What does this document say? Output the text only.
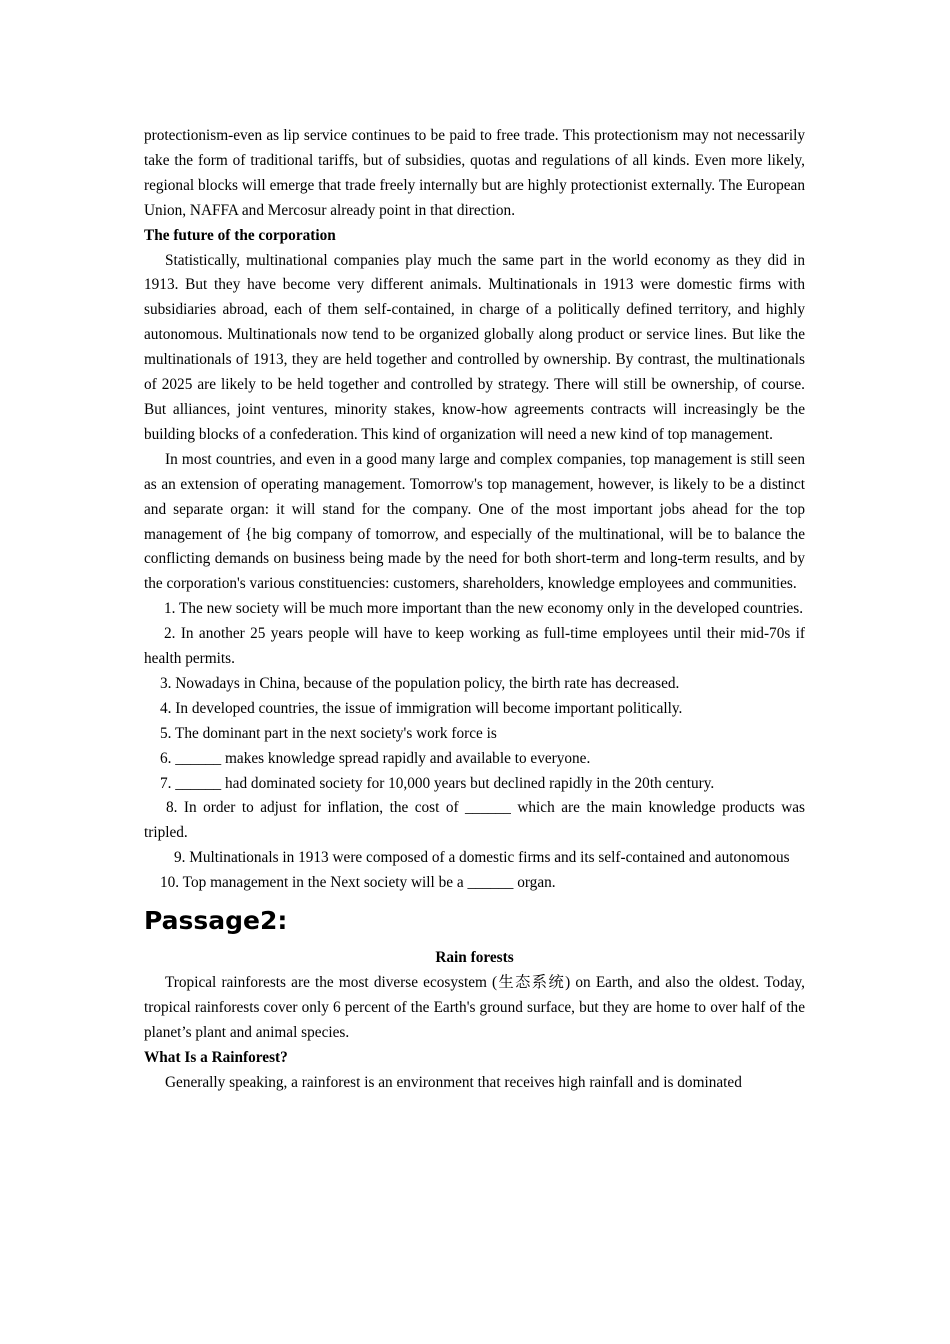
protectionism-even as lip service continues to be paid to free trade. This protectionism may not necessarily take the form of traditional tariffs, but of subsidies, quotas and regulations of all kinds. Even more likely, regional blocks will emerge that trade freely internally but are highly protectionist externally. The European Union, NAFFA and Mercosur already point in that direction.

The future of the corporation

Statistically, multinational companies play much the same part in the world economy as they did in 1913. But they have become very different animals. Multinationals in 1913 were domestic firms with subsidiaries abroad, each of them self-contained, in charge of a politically defined territory, and highly autonomous. Multinationals now tend to be organized globally along product or service lines. But like the multinationals of 1913, they are held together and controlled by ownership. By contrast, the multinationals of 2025 are likely to be held together and controlled by strategy. There will still be ownership, of course. But alliances, joint ventures, minority stakes, know-how agreements contracts will increasingly be the building blocks of a confederation. This kind of organization will need a new kind of top management.

In most countries, and even in a good many large and complex companies, top management is still seen as an extension of operating management. Tomorrow's top management, however, is likely to be a distinct and separate organ: it will stand for the company. One of the most important jobs ahead for the top management of {he big company of tomorrow, and especially of the multinational, will be to balance the conflicting demands on business being made by the need for both short-term and long-term results, and by the corporation's various constituencies: customers, shareholders, knowledge employees and communities.

1. The new society will be much more important than the new economy only in the developed countries.

2. In another 25 years people will have to keep working as full-time employees until their mid-70s if health permits.

3. Nowadays in China, because of the population policy, the birth rate has decreased.

4. In developed countries, the issue of immigration will become important politically.

5. The dominant part in the next society's work force is

6. ______ makes knowledge spread rapidly and available to everyone.

7. ______ had dominated society for 10,000 years but declined rapidly in the 20th century.

8. In order to adjust for inflation, the cost of ______ which are the main knowledge products was tripled.

9. Multinationals in 1913 were composed of a domestic firms and its self-contained and autonomous

10. Top management in the Next society will be a ______ organ.

Passage2:

Rain forests

Tropical rainforests are the most diverse ecosystem (生态系统) on Earth, and also the oldest. Today, tropical rainforests cover only 6 percent of the Earth's ground surface, but they are home to over half of the planet’s plant and animal species.

What Is a Rainforest?

Generally speaking, a rainforest is an environment that receives high rainfall and is dominated
